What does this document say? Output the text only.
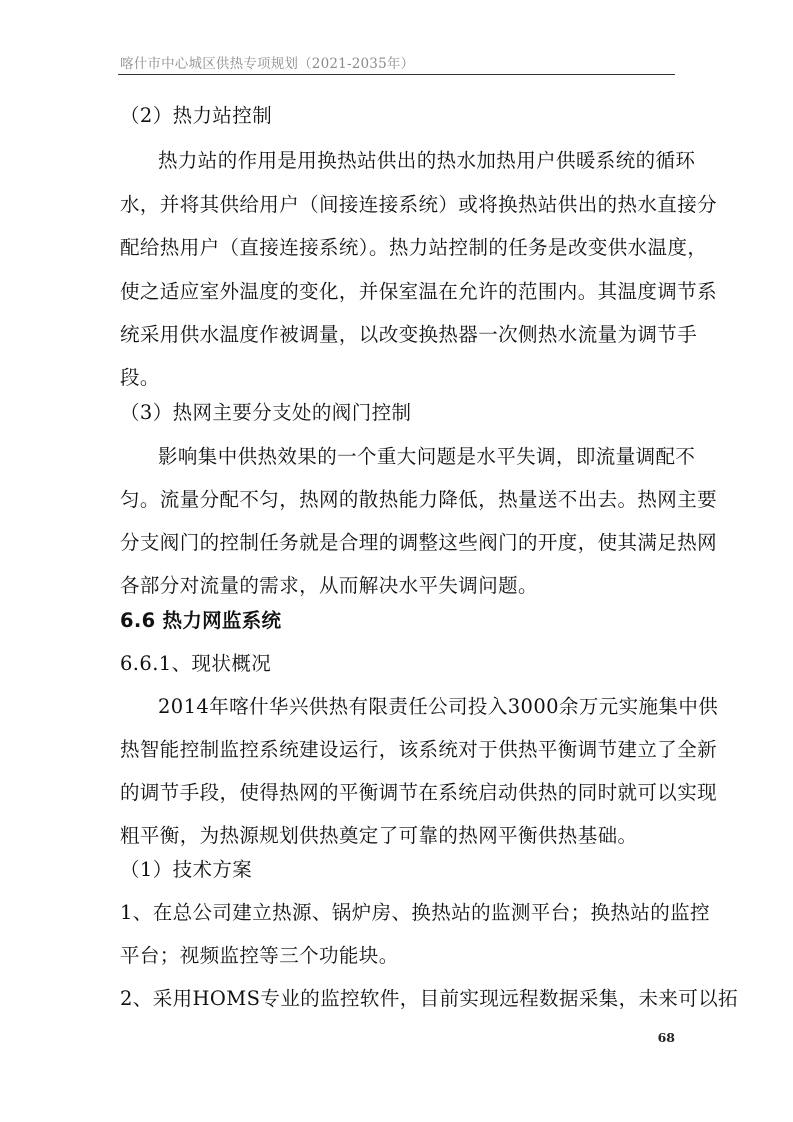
喀什市中心城区供热专项规划（2021-2035年）
（2）热力站控制
热力站的作用是用换热站供出的热水加热用户供暖系统的循环
水，并将其供给用户（间接连接系统）或将换热站供出的热水直接分
配给热用户（直接连接系统）。热力站控制的任务是改变供水温度，
使之适应室外温度的变化，并保室温在允许的范围内。其温度调节系
统采用供水温度作被调量，以改变换热器一次侧热水流量为调节手
段。
（3）热网主要分支处的阀门控制
影响集中供热效果的一个重大问题是水平失调，即流量调配不
匀。流量分配不匀，热网的散热能力降低，热量送不出去。热网主要
分支阀门的控制任务就是合理的调整这些阀门的开度，使其满足热网
各部分对流量的需求，从而解决水平失调问题。
6.6 热力网监系统
6.6.1、现状概况
2014年喀什华兴供热有限责任公司投入3000余万元实施集中供
热智能控制监控系统建设运行，该系统对于供热平衡调节建立了全新
的调节手段，使得热网的平衡调节在系统启动供热的同时就可以实现
粗平衡，为热源规划供热奠定了可靠的热网平衡供热基础。
（1）技术方案
1、在总公司建立热源、锅炉房、换热站的监测平台；换热站的监控
平台；视频监控等三个功能块。
2、采用HOMS专业的监控软件，目前实现远程数据采集，未来可以拓
68
